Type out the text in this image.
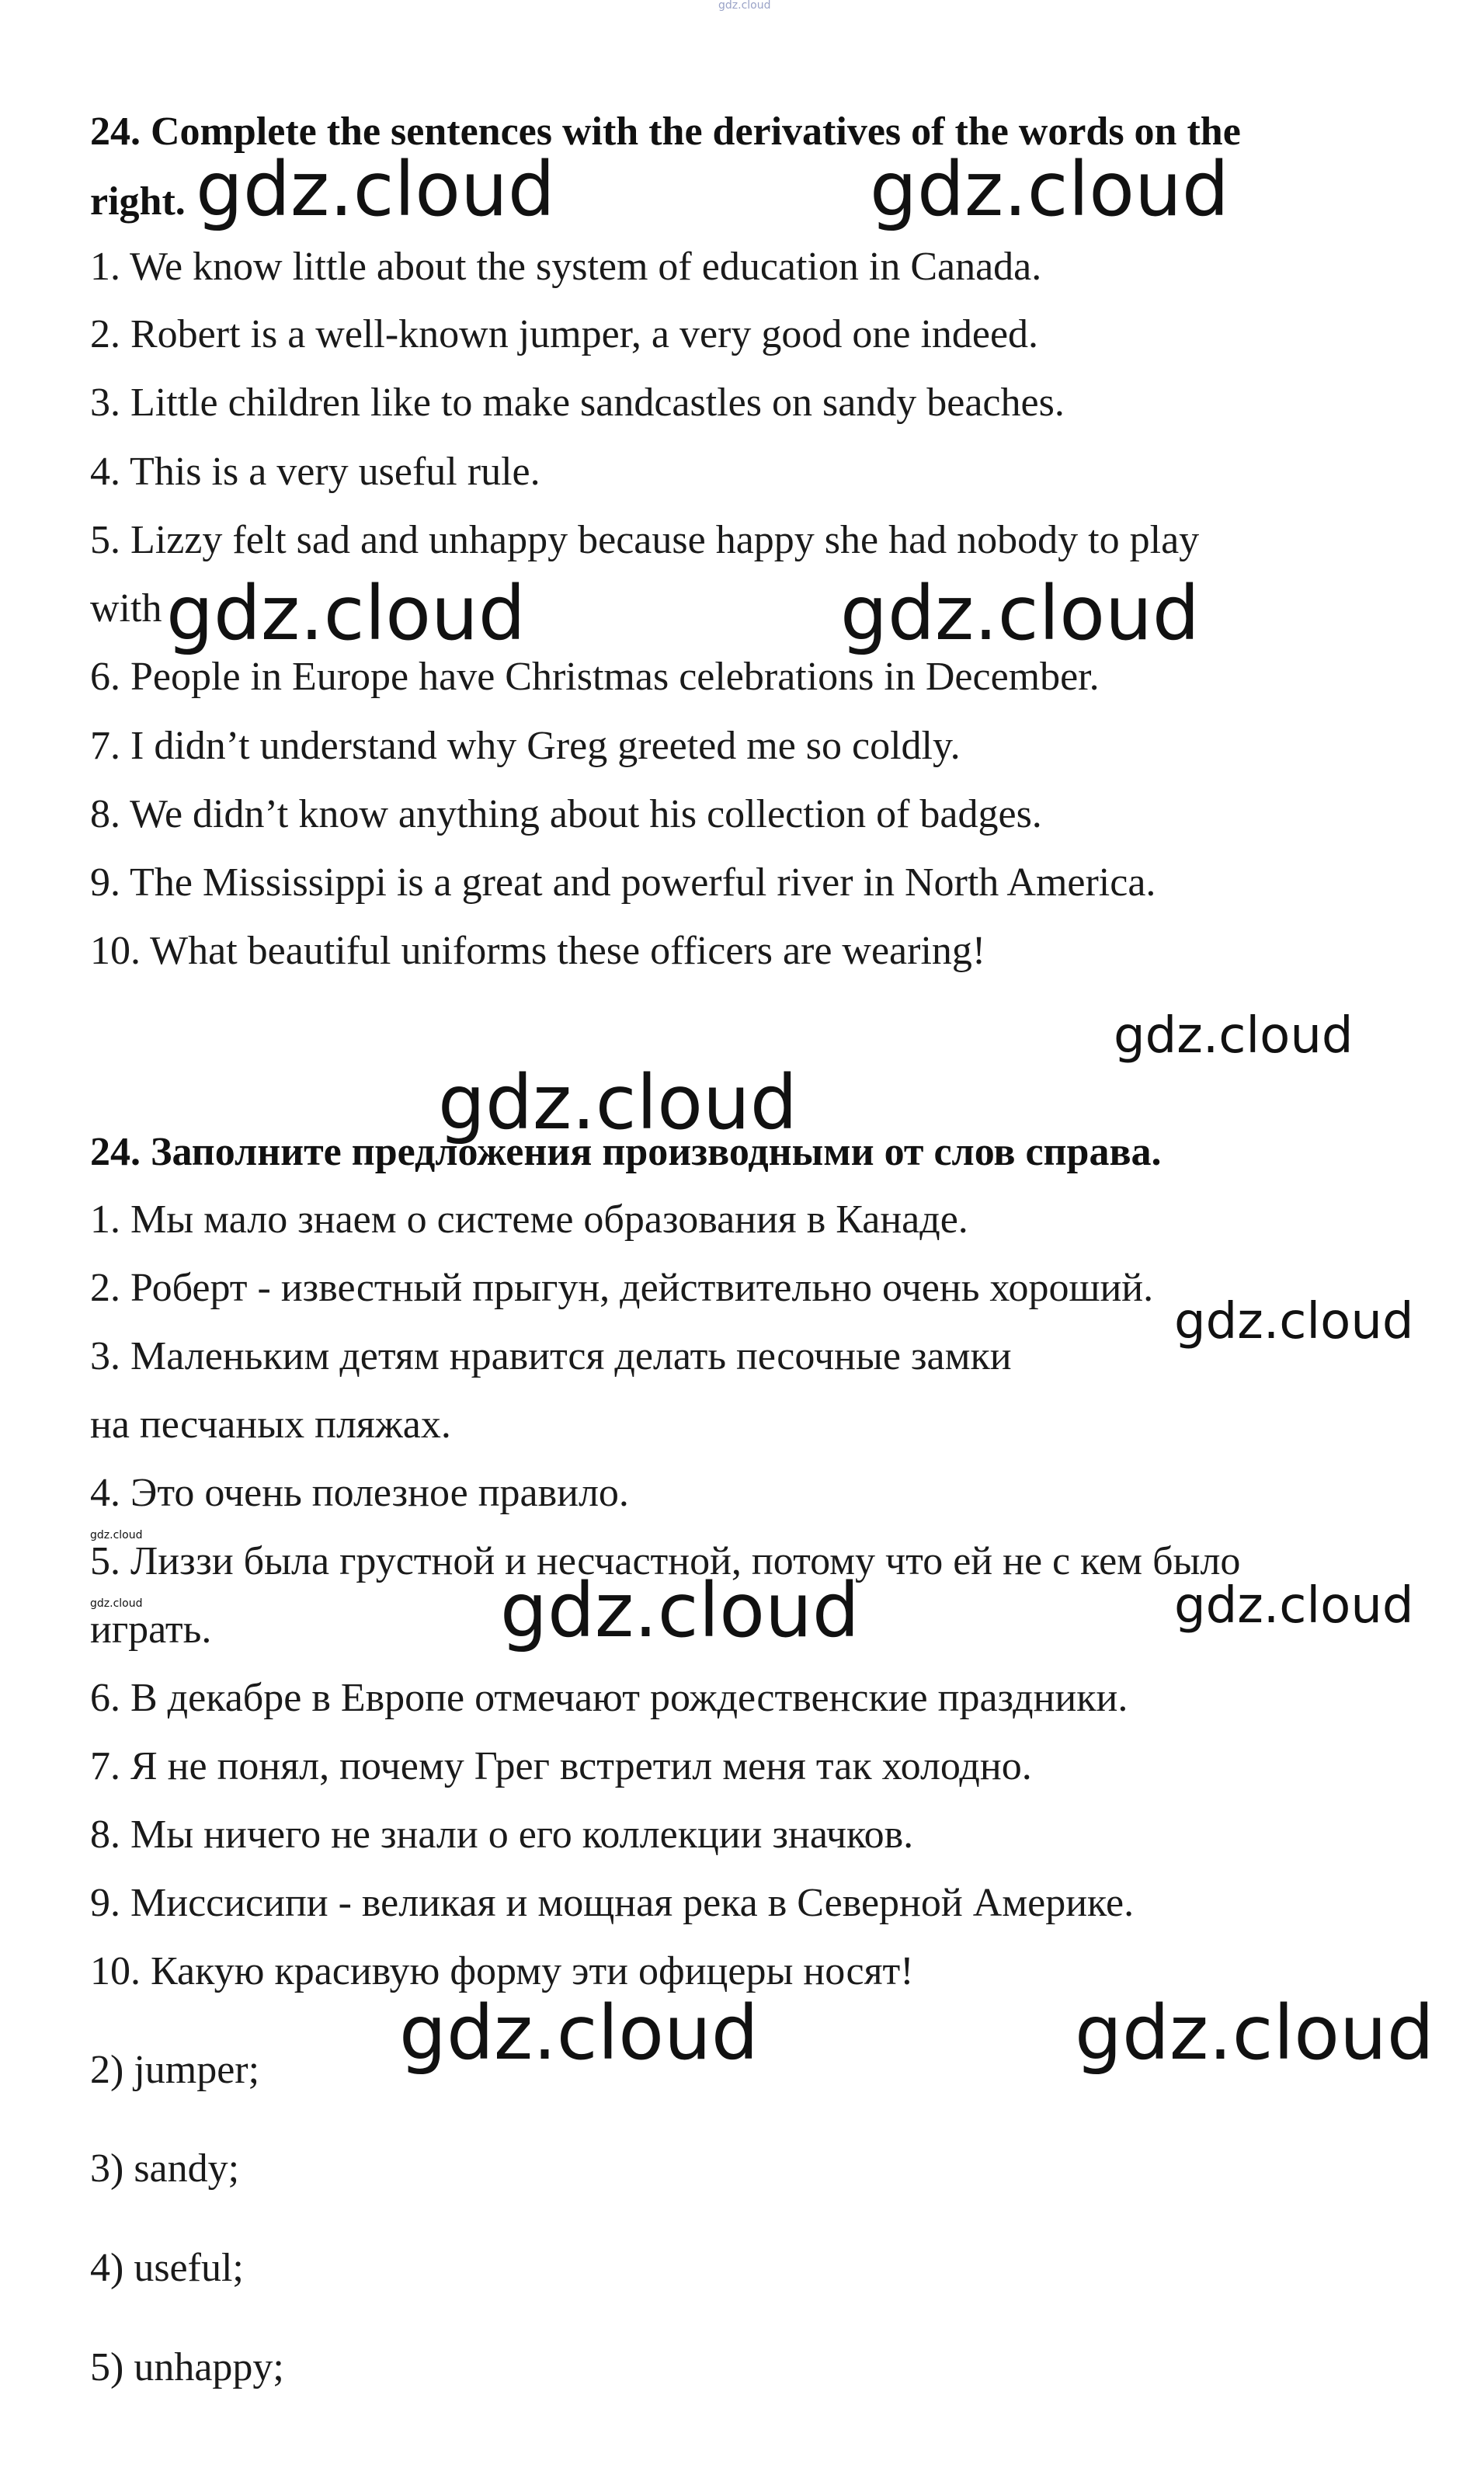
gdz.cloud
24. Complete the sentences with the derivatives of the words on the
right. gdz.cloud	gdz.cloud
1. We know little about the system of education in Canada.
2. Robert is a well-known jumper, a very good one indeed.
3. Little children like to make sandcastles on sandy beaches.
4. This is a very useful rule.
5. Lizzy felt sad and unhappy because happy she had nobody to play
with gdz.cloud	gdz.cloud
6. People in Europe have Christmas celebrations in December.
7. I didn’t understand why Greg greeted me so coldly.
8. We didn’t know anything about his collection of badges.
9. The Mississippi is a great and powerful river in North America.
10. What beautiful uniforms these officers are wearing!
gdz.cloud
gdz.cloud
24. Заполните предложения производными от слов справа.
1. Мы мало знаем о системе образования в Канаде.
2. Роберт - известный прыгун, действительно очень хороший.
gdz.cloud
3. Маленьким детям нравится делать песочные замки
на песчаных пляжах.
4. Это очень полезное правило.
gdz.cloud
5. Лиззи была грустной и несчастной, потому что ей не с кем было
gdz.cloud	gdz.cloud
gdz.cloud
играть.
6. В декабре в Европе отмечают рождественские праздники.
7. Я не понял, почему Грег встретил меня так холодно.
8. Мы ничего не знали о его коллекции значков.
9. Миссисипи - великая и мощная река в Северной Америке.
10. Какую красивую форму эти офицеры носят!
gdz.cloud	gdz.cloud
2) jumper;
3) sandy;
4) useful;
5) unhappy;
